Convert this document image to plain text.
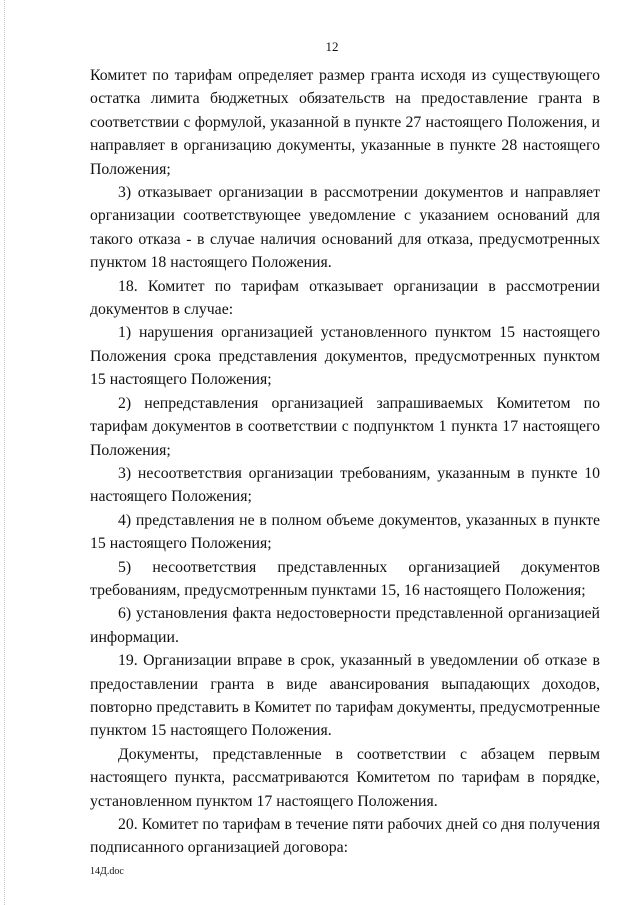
12

Комитет по тарифам определяет размер гранта исходя из существующего остатка лимита бюджетных обязательств на предоставление гранта в соответствии с формулой, указанной в пункте 27 настоящего Положения, и направляет в организацию документы, указанные в пункте 28 настоящего Положения;

3) отказывает организации в рассмотрении документов и направляет организации соответствующее уведомление с указанием оснований для такого отказа - в случае наличия оснований для отказа, предусмотренных пунктом 18 настоящего Положения.

18. Комитет по тарифам отказывает организации в рассмотрении документов в случае:

1) нарушения организацией установленного пунктом 15 настоящего Положения срока представления документов, предусмотренных пунктом 15 настоящего Положения;

2) непредставления организацией запрашиваемых Комитетом по тарифам документов в соответствии с подпунктом 1 пункта 17 настоящего Положения;

3) несоответствия организации требованиям, указанным в пункте 10 настоящего Положения;

4) представления не в полном объеме документов, указанных в пункте 15 настоящего Положения;

5) несоответствия представленных организацией документов требованиям, предусмотренным пунктами 15, 16 настоящего Положения;

6) установления факта недостоверности представленной организацией информации.

19. Организации вправе в срок, указанный в уведомлении об отказе в предоставлении гранта в виде авансирования выпадающих доходов, повторно представить в Комитет по тарифам документы, предусмотренные пунктом 15 настоящего Положения.

Документы, представленные в соответствии с абзацем первым настоящего пункта, рассматриваются Комитетом по тарифам в порядке, установленном пунктом 17 настоящего Положения.

20. Комитет по тарифам в течение пяти рабочих дней со дня получения подписанного организацией договора:

14Д.doc
